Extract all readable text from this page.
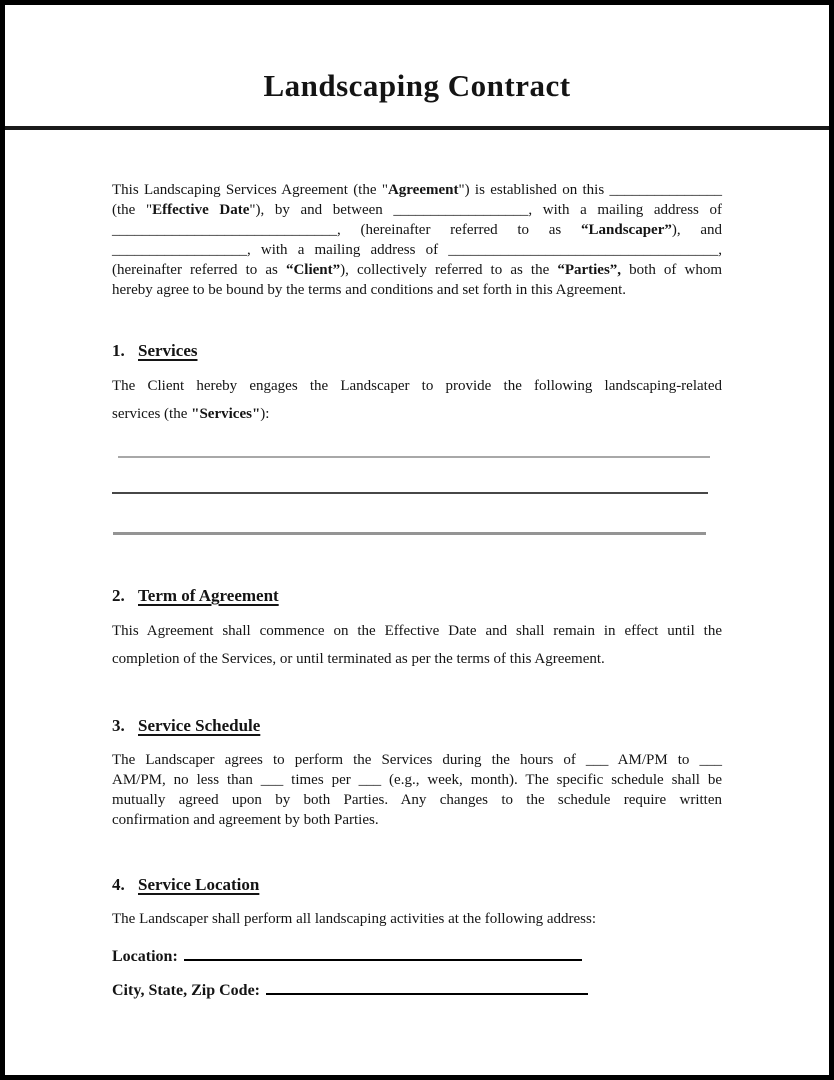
Landscaping Contract
This Landscaping Services Agreement (the "Agreement") is established on this _______________
(the "Effective Date"), by and between __________________, with a mailing address of
______________________________, (hereinafter referred to as “Landscaper”), and
__________________, with a mailing address of ____________________________________,
(hereinafter referred to as “Client”), collectively referred to as the “Parties”, both of whom
hereby agree to be bound by the terms and conditions and set forth in this Agreement.
1. Services
The Client hereby engages the Landscaper to provide the following landscaping-related
services (the "Services"):
2. Term of Agreement
This Agreement shall commence on the Effective Date and shall remain in effect until the
completion of the Services, or until terminated as per the terms of this Agreement.
3. Service Schedule
The Landscaper agrees to perform the Services during the hours of ___ AM/PM to ___
AM/PM, no less than ___ times per ___ (e.g., week, month). The specific schedule shall be
mutually agreed upon by both Parties. Any changes to the schedule require written
confirmation and agreement by both Parties.
4. Service Location
The Landscaper shall perform all landscaping activities at the following address:
Location:
City, State, Zip Code:
